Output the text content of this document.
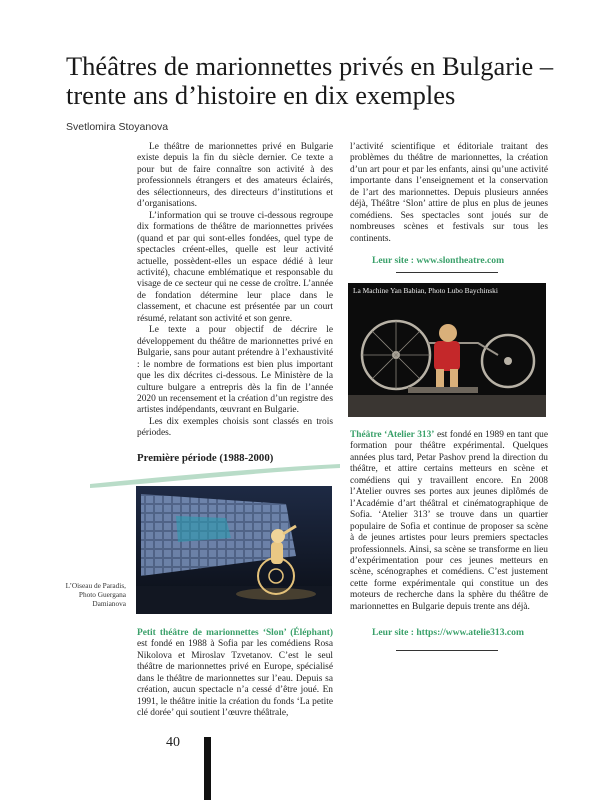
Théâtres de marionnettes privés en Bulgarie –
trente ans d’histoire en dix exemples
Svetlomira Stoyanova

Le théâtre de marionnettes privé en Bulgarie existe depuis la fin du siècle dernier. Ce texte a pour but de faire connaître son activité à des professionnels étrangers et des amateurs éclairés, des sélectionneurs, des directeurs d’institutions et d’organisations.

L’information qui se trouve ci-dessous regroupe dix formations de théâtre de marionnettes privées (quand et par qui sont-elles fondées, quel type de spectacles créent-elles, quelle est leur activité actuelle, possèdent-elles un espace dédié à leur activité), chacune emblématique et responsable du visage de ce secteur qui ne cesse de croître. L’année de fondation détermine leur place dans le classement, et chacune est présentée par un court résumé, relatant son activité et son genre.

Le texte a pour objectif de décrire le développement du théâtre de marionnettes privé en Bulgarie, sans pour autant prétendre à l’exhaustivité : le nombre de formations est bien plus important que les dix décrites ci-dessous. Le Ministère de la culture bulgare a entrepris dès la fin de l’année 2020 un recensement et la création d’un registre des artistes indépendants, œuvrant en Bulgarie.

Les dix exemples choisis sont classés en trois périodes.

Première période (1988-2000)
L’Oiseau de Paradis, Photo Guergana Damianova

Petit théâtre de marionnettes ‘Slon’ (Éléphant) est fondé en 1988 à Sofia par les comédiens Rosa Nikolova et Miroslav Tzvetanov. C’est le seul théâtre de marionnettes privé en Europe, spécialisé dans le théâtre de marionnettes sur l’eau. Depuis sa création, aucun spectacle n’a cessé d’être joué. En 1991, le théâtre initie la création du fonds ‘La petite clé dorée’ qui soutient l’œuvre théâtrale,

l’activité scientifique et éditoriale traitant des problèmes du théâtre de marionnettes, la création d’un art pour et par les enfants, ainsi qu’une activité importante dans l’enseignement et la conservation de l’art des marionnettes. Depuis plusieurs années déjà, Théâtre ‘Slon’ attire de plus en plus de jeunes comédiens. Ses spectacles sont joués sur de nombreuses scènes et festivals sur tous les continents.

Leur site : www.slontheatre.com
La Machine Yan Babian, Photo Lubo Baychinski

Théâtre ‘Atelier 313’ est fondé en 1989 en tant que formation pour théâtre expérimental. Quelques années plus tard, Petar Pashov prend la direction du théâtre, et attire certains metteurs en scène et comédiens qui y travaillent encore. En 2008 l’Atelier ouvres ses portes aux jeunes diplômés de l’Académie d’art théâtral et cinématographique de Sofia. ‘Atelier 313’ se trouve dans un quartier populaire de Sofia et continue de proposer sa scène à de jeunes artistes pour leurs premiers spectacles professionnels. Ainsi, sa scène se transforme en lieu d’expérimentation pour ces jeunes metteurs en scène, scénographes et comédiens. C’est justement cette forme expérimentale qui constitue un des moteurs de recherche dans la sphère du théâtre de marionnettes en Bulgarie depuis trente ans déjà.

Leur site : https://www.atelie313.com
40
